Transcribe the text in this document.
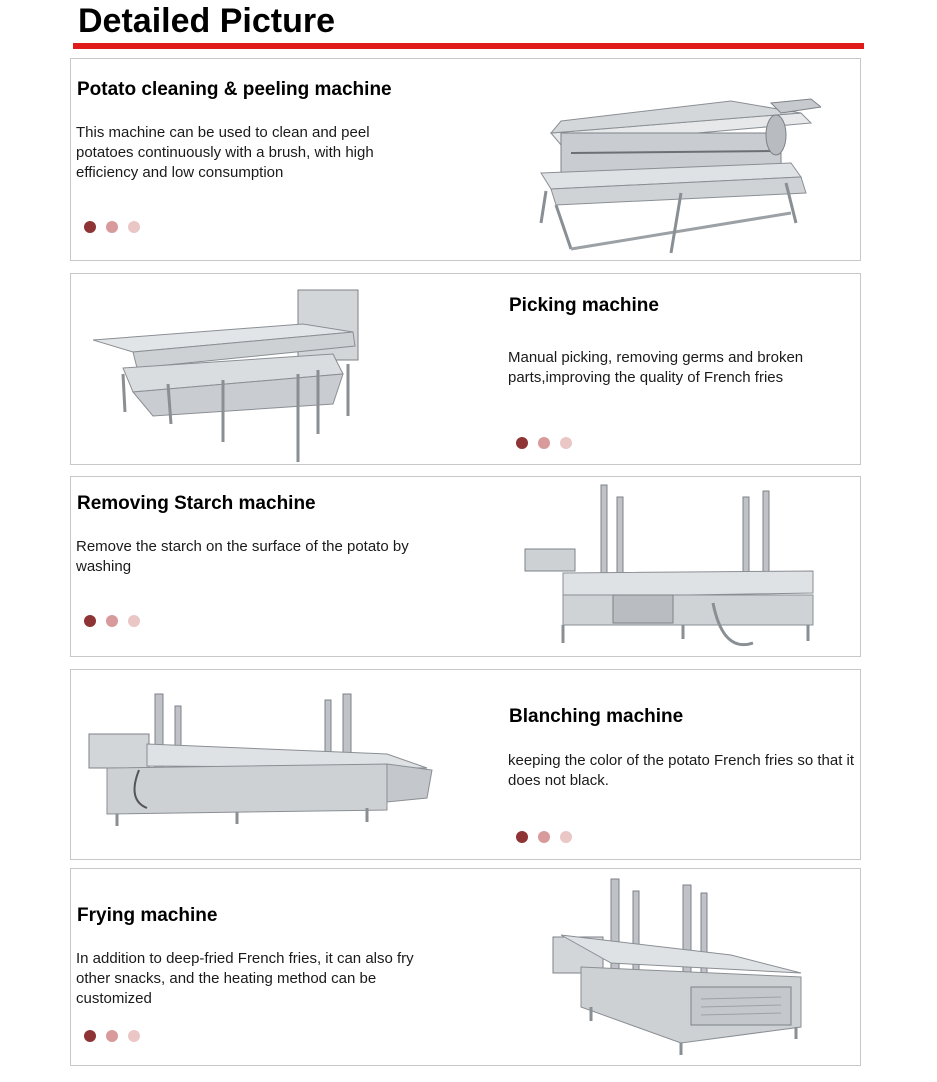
Detailed Picture
Potato cleaning & peeling machine
This machine can be used to clean and peel potatoes continuously with a brush, with high efficiency and low consumption
Picking machine
Manual picking, removing germs and broken parts,improving the quality of French fries
Removing Starch machine
Remove the starch on the surface of the potato by washing
Blanching machine
keeping the color of the potato French fries so that it does not black.
Frying machine
In addition to deep-fried French fries, it can also fry other snacks, and the heating method can be customized
